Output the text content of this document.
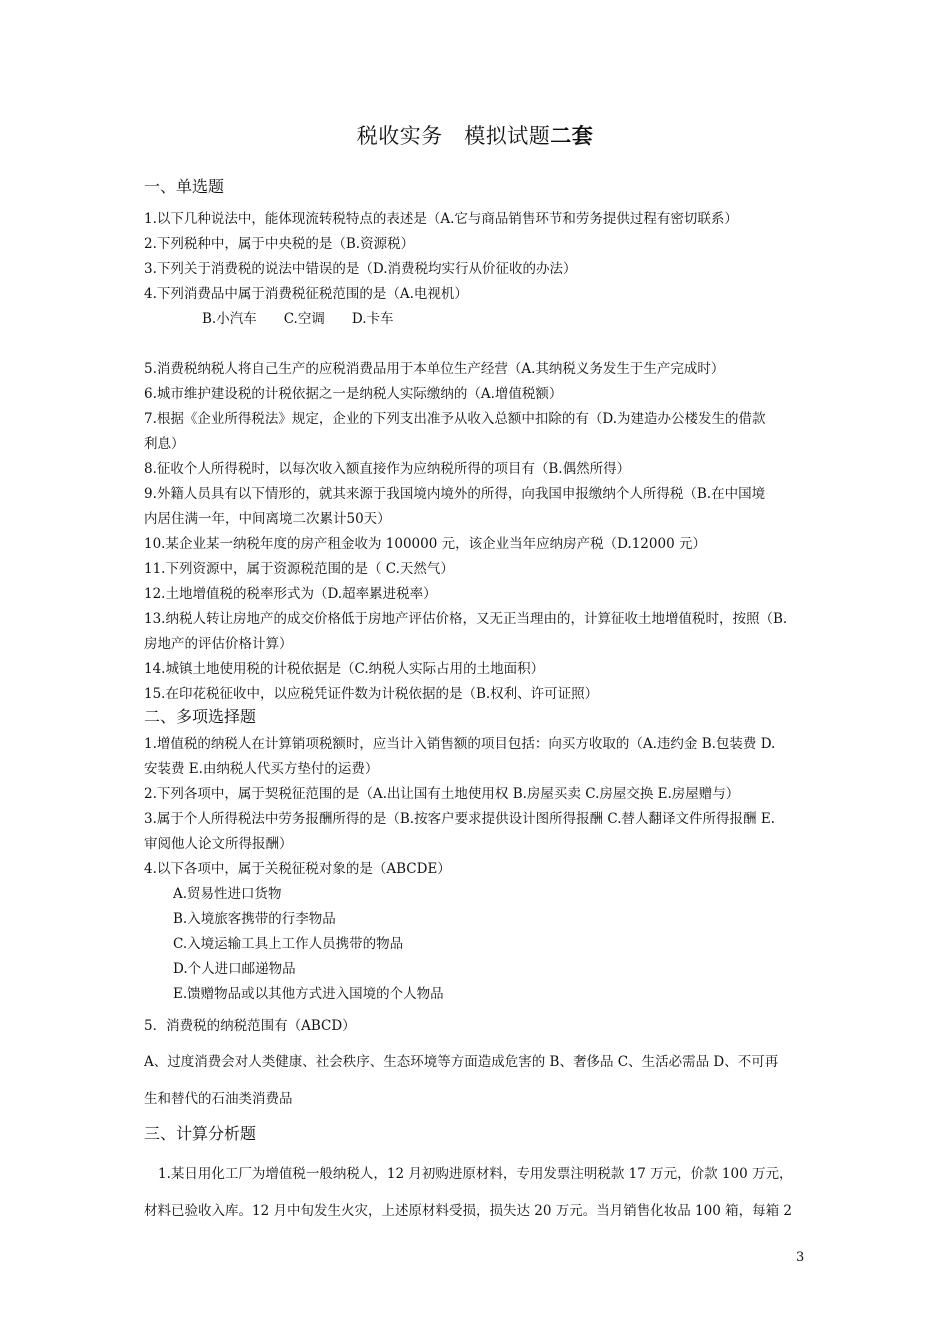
税收实务　模拟试题二套
一、单选题
1.以下几种说法中，能体现流转税特点的表述是（A.它与商品销售环节和劳务提供过程有密切联系）
2.下列税种中，属于中央税的是（B.资源税）
3.下列关于消费税的说法中错误的是（D.消费税均实行从价征收的办法）
4.下列消费品中属于消费税征税范围的是（A.电视机）
B.小汽车　　C.空调　　D.卡车
5.消费税纳税人将自己生产的应税消费品用于本单位生产经营（A.其纳税义务发生于生产完成时）
6.城市维护建设税的计税依据之一是纳税人实际缴纳的（A.增值税额）
7.根据《企业所得税法》规定，企业的下列支出准予从收入总额中扣除的有（D.为建造办公楼发生的借款
利息）
8.征收个人所得税时，以每次收入额直接作为应纳税所得的项目有（B.偶然所得）
9.外籍人员具有以下情形的，就其来源于我国境内境外的所得，向我国申报缴纳个人所得税（B.在中国境
内居住满一年，中间离境二次累计50天）
10.某企业某一纳税年度的房产租金收为 100000 元，该企业当年应纳房产税（D.12000 元）
11.下列资源中，属于资源税范围的是（ C.天然气）
12.土地增值税的税率形式为（D.超率累进税率）
13.纳税人转让房地产的成交价格低于房地产评估价格，又无正当理由的，计算征收土地增值税时，按照（B.
房地产的评估价格计算）
14.城镇土地使用税的计税依据是（C.纳税人实际占用的土地面积）
15.在印花税征收中，以应税凭证件数为计税依据的是（B.权利、许可证照）
二、多项选择题
1.增值税的纳税人在计算销项税额时，应当计入销售额的项目包括：向买方收取的（A.违约金 B.包装费 D.
安装费 E.由纳税人代买方垫付的运费）
2.下列各项中，属于契税征范围的是（A.出让国有土地使用权 B.房屋买卖 C.房屋交换 E.房屋赠与）
3.属于个人所得税法中劳务报酬所得的是（B.按客户要求提供设计图所得报酬 C.替人翻译文件所得报酬 E.
审阅他人论文所得报酬）
4.以下各项中，属于关税征税对象的是（ABCDE）
A.贸易性进口货物
B.入境旅客携带的行李物品
C.入境运输工具上工作人员携带的物品
D.个人进口邮递物品
E.馈赠物品或以其他方式进入国境的个人物品
5．消费税的纳税范围有（ABCD）
A、过度消费会对人类健康、社会秩序、生态环境等方面造成危害的 B、奢侈品 C、生活必需品 D、不可再
生和替代的石油类消费品
三、计算分析题
1.某日用化工厂为增值税一般纳税人，12 月初购进原材料，专用发票注明税款 17 万元，价款 100 万元，
材料已验收入库。12 月中旬发生火灾，上述原材料受损，损失达 20 万元。当月销售化妆品 100 箱，每箱 2
3
